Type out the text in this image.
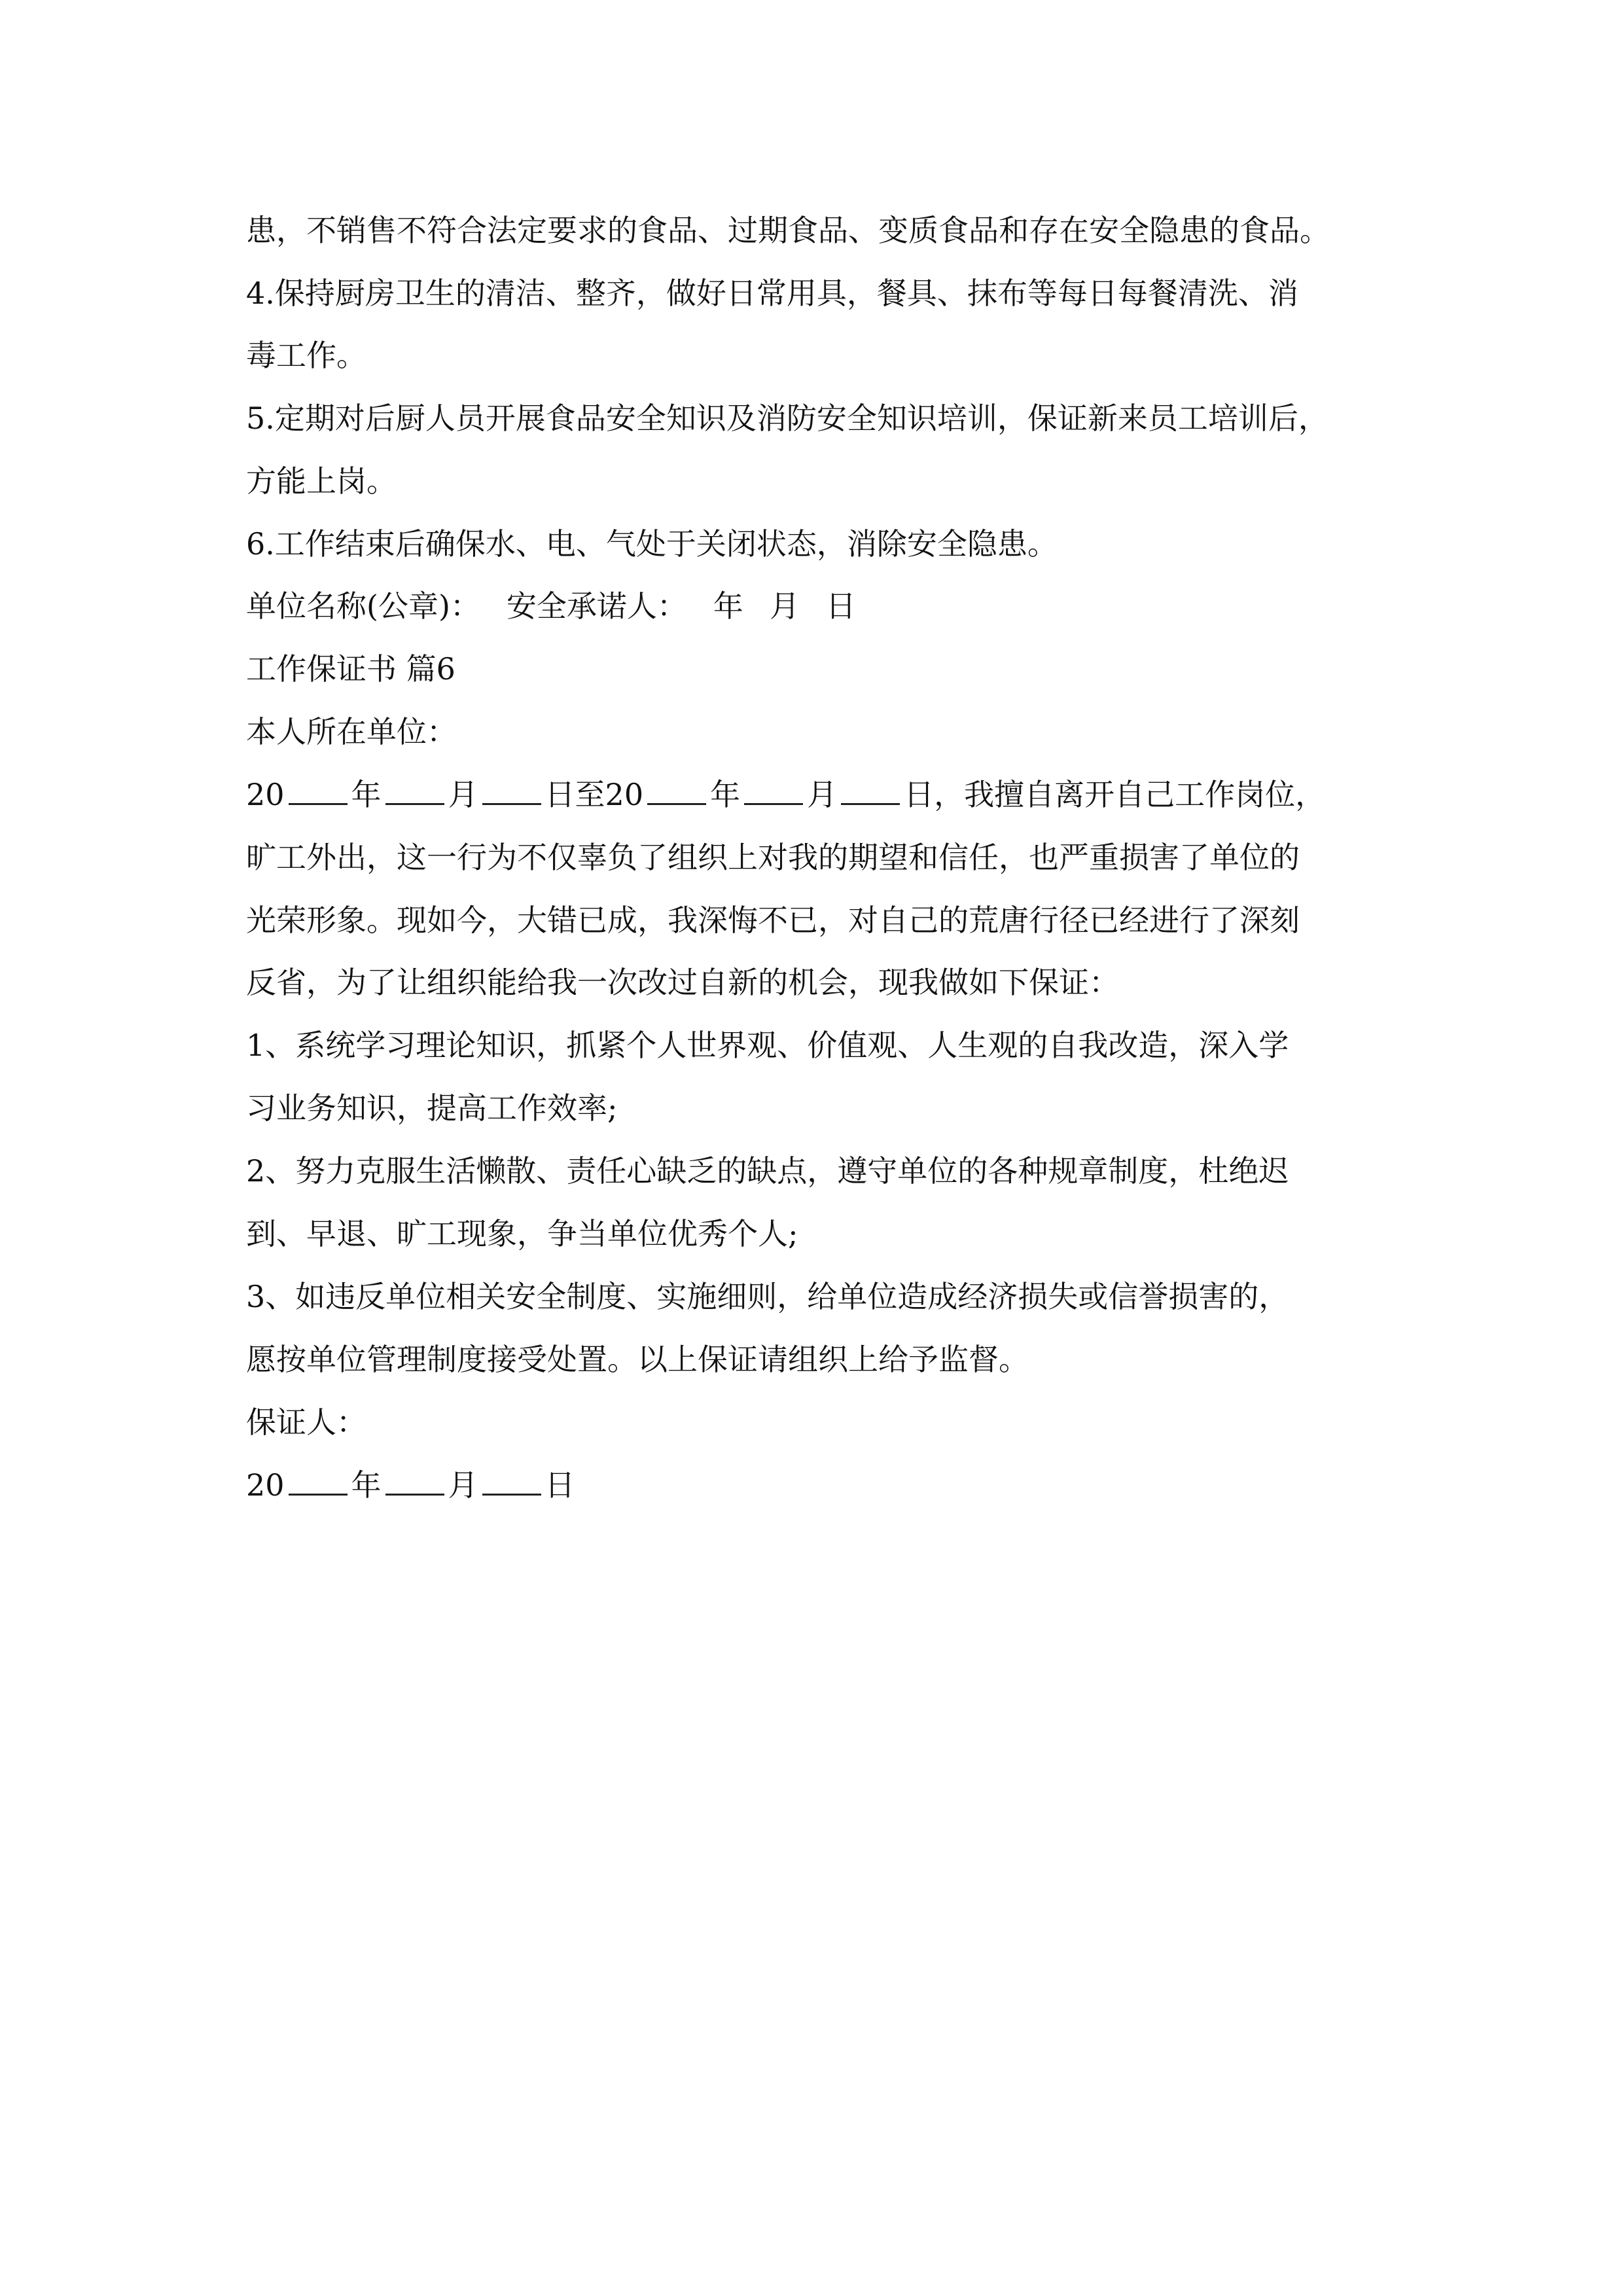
患，不销售不符合法定要求的食品、过期食品、变质食品和存在安全隐患的食品。
4.保持厨房卫生的清洁、整齐，做好日常用具，餐具、抹布等每日每餐清洗、消
毒工作。
5.定期对后厨人员开展食品安全知识及消防安全知识培训，保证新来员工培训后，
方能上岗。
6.工作结束后确保水、电、气处于关闭状态，消除安全隐患。
单位名称(公章)： 安全承诺人： 年 月 日
工作保证书 篇6
本人所在单位：
20 年 月 日至20 年 月 日，我擅自离开自己工作岗位，
旷工外出，这一行为不仅辜负了组织上对我的期望和信任，也严重损害了单位的
光荣形象。现如今，大错已成，我深悔不已，对自己的荒唐行径已经进行了深刻
反省，为了让组织能给我一次改过自新的机会，现我做如下保证：
1、系统学习理论知识，抓紧个人世界观、价值观、人生观的自我改造，深入学
习业务知识，提高工作效率;
2、努力克服生活懒散、责任心缺乏的缺点，遵守单位的各种规章制度，杜绝迟
到、早退、旷工现象，争当单位优秀个人;
3、如违反单位相关安全制度、实施细则，给单位造成经济损失或信誉损害的，
愿按单位管理制度接受处置。以上保证请组织上给予监督。
保证人：
20 年 月 日
